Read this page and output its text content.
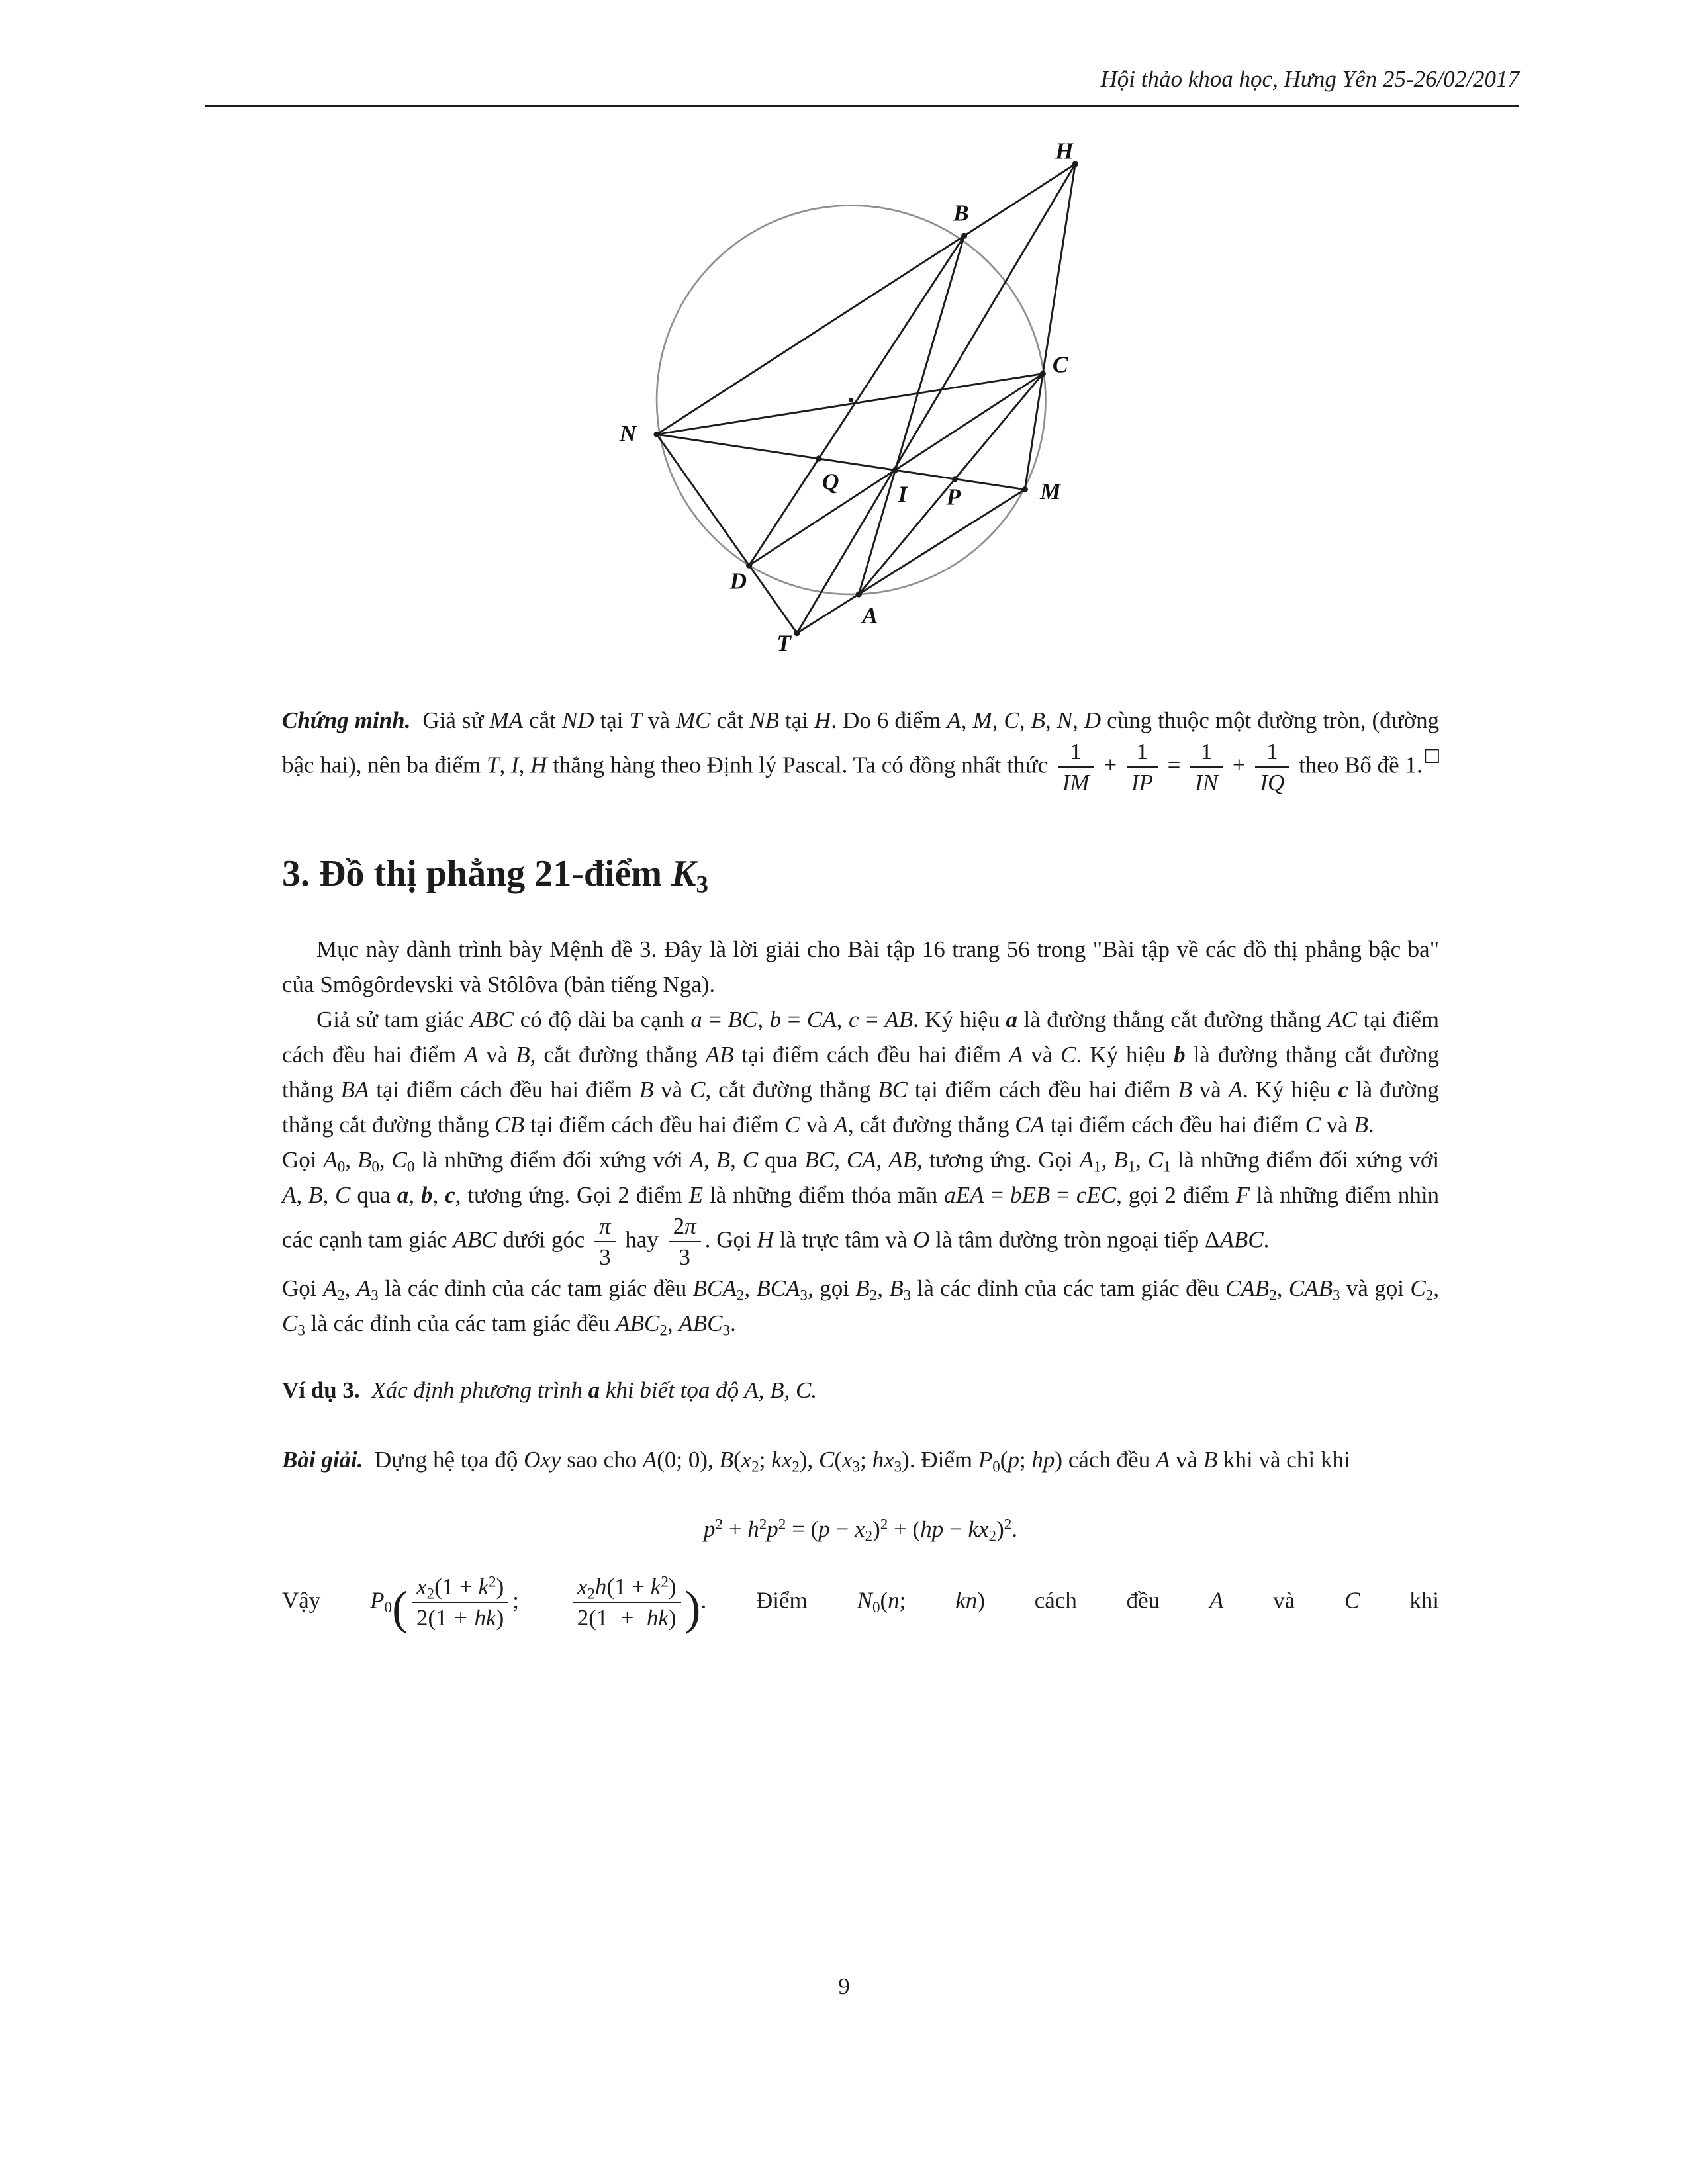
Hội thảo khoa học, Hưng Yên 25-26/02/2017
H
B
C
N
M
Q	I	P
D
A
T

Chứng minh.  Giả sử MA cắt ND tại T và MC cắt NB tại H. Do 6 điểm A, M, C, B, N, D cùng thuộc một đường tròn, (đường bậc hai), nên ba điểm T, I, H thẳng hàng theo Định lý Pascal. Ta có đồng nhất thức $\frac{1}{IM} + \frac{1}{IP} = \frac{1}{IN} + \frac{1}{IQ}$ theo Bổ đề 1. □

3. Đồ thị phẳng 21-điểm K3

Mục này dành trình bày Mệnh đề 3. Đây là lời giải cho Bài tập 16 trang 56 trong "Bài tập về các đồ thị phẳng bậc ba" của Smôgôrdevski và Stôlôva (bản tiếng Nga).

Giả sử tam giác ABC có độ dài ba cạnh a = BC, b = CA, c = AB. Ký hiệu a là đường thẳng cắt đường thẳng AC tại điểm cách đều hai điểm A và B, cắt đường thẳng AB tại điểm cách đều hai điểm A và C. Ký hiệu b là đường thẳng cắt đường thẳng BA tại điểm cách đều hai điểm B và C, cắt đường thẳng BC tại điểm cách đều hai điểm B và A. Ký hiệu c là đường thẳng cắt đường thẳng CB tại điểm cách đều hai điểm C và A, cắt đường thẳng CA tại điểm cách đều hai điểm C và B.

Gọi A0, B0, C0 là những điểm đối xứng với A, B, C qua BC, CA, AB, tương ứng. Gọi A1, B1, C1 là những điểm đối xứng với A, B, C qua a, b, c, tương ứng. Gọi 2 điểm E là những điểm thỏa mãn aEA = bEB = cEC, gọi 2 điểm F là những điểm nhìn các cạnh tam giác ABC dưới góc $\frac{\pi}{3}$ hay $\frac{2\pi}{3}$ . Gọi H là trực tâm và O là tâm đường tròn ngoại tiếp ΔABC.

Gọi A2, A3 là các đỉnh của các tam giác đều BCA2, BCA3, gọi B2, B3 là các đỉnh của các tam giác đều CAB2, CAB3 và gọi C2, C3 là các đỉnh của các tam giác đều ABC2, ABC3.

Ví dụ 3. Xác định phương trình a khi biết tọa độ A, B, C.

Bài giải.  Dựng hệ tọa độ Oxy sao cho A(0; 0), B(x2; kx2), C(x3; hx3). Điểm P0(p; hp) cách đều A và B khi và chỉ khi

$p^2 + h^2p^2 = (p - x2)^2 + (hp - kx2)^2$.

Vậy $P0( \frac{x2(1 + k^2)}{2(1 + hk)}$ ; $\frac{x2h(1 + k^2)}{2(1 + hk)}$ ). Điểm N0(n; kn) cách đều A và C khi

9
